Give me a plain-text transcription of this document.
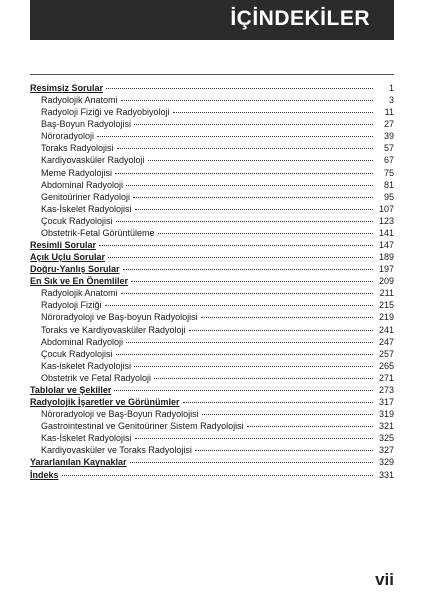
İÇİNDEKİLER
Resimsiz Sorular	1
Radyolojik Anatomi	3
Radyoloji Fiziği ve Radyobiyoloji	11
Baş-Boyun Radyolojisi	27
Nöroradyoloji	39
Toraks Radyolojisi	57
Kardiyovasküler Radyoloji	67
Meme Radyolojisi	75
Abdominal Radyoloji	81
Genitoüriner Radyoloji	95
Kas-İskelet Radyolojisi	107
Çocuk Radyolojisi	123
Obstetrik-Fetal Görüntüleme	141
Resimli Sorular	147
Açık Uçlu Sorular	189
Doğru-Yanlış Sorular	197
En Sık ve En Önemliler	209
Radyolojik Anatomi	211
Radyoloji Fiziği	215
Nöroradyoloji ve Baş-boyun Radyolojisi	219
Toraks ve Kardiyovasküler Radyoloji	241
Abdominal Radyoloji	247
Çocuk Radyolojisi	257
Kas-iskelet Radyolojisi	265
Obstetrik ve Fetal Radyoloji	271
Tablolar ve Şekiller	273
Radyolojik İşaretler ve Görünümler	317
Nöroradyoloji ve Baş-Boyun Radyolojisi	319
Gastrointestinal ve Genitoüriner Sistem Radyolojisi	321
Kas-İskelet Radyolojisi	325
Kardiyovasküler ve Toraks Radyolojisi	327
Yararlanılan Kaynaklar	329
İndeks	331
vii
